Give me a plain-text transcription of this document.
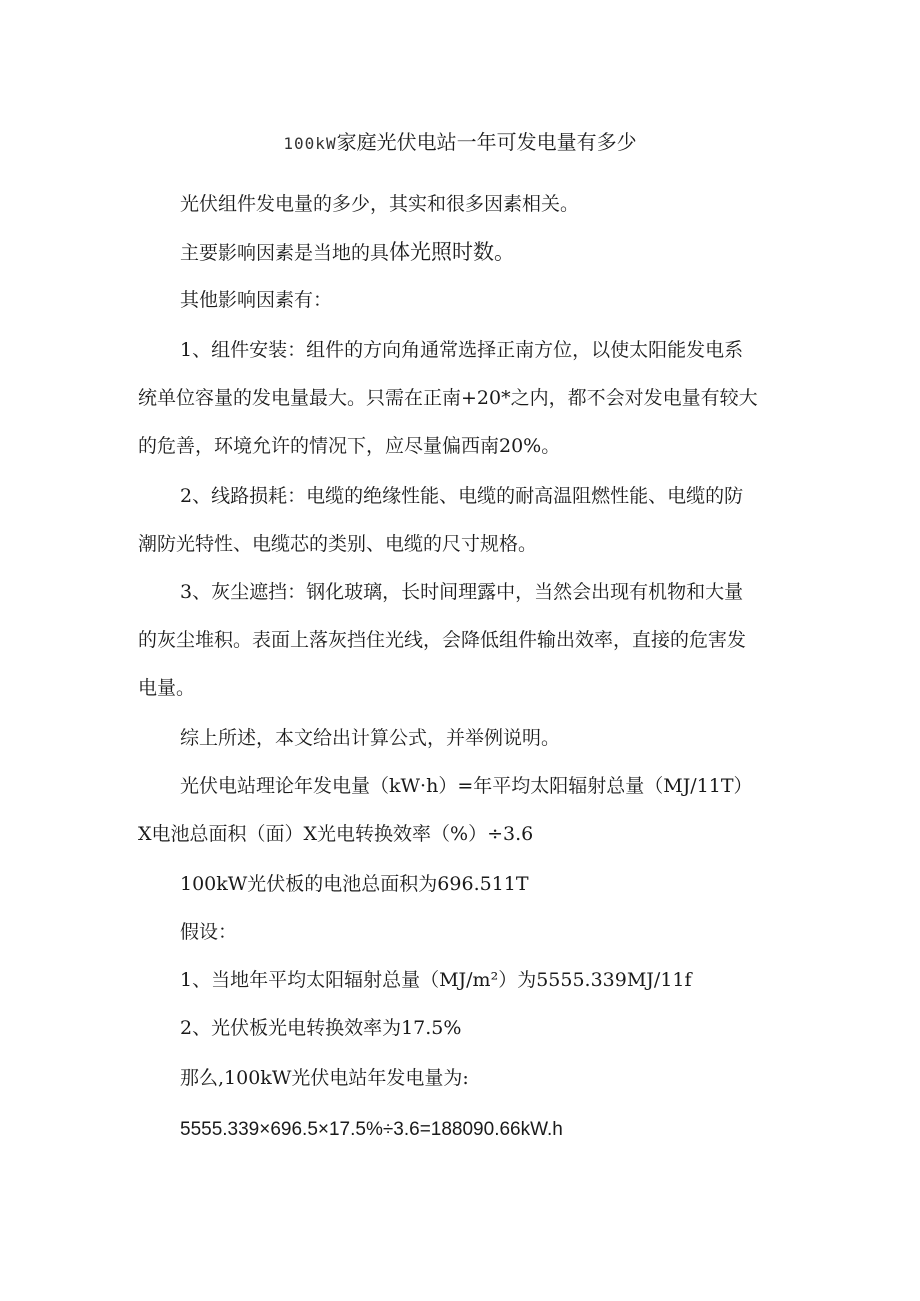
100kW家庭光伏电站一年可发电量有多少
光伏组件发电量的多少，其实和很多因素相关。
主要影响因素是当地的具体光照时数。
其他影响因素有：
1、组件安装：组件的方向角通常选择正南方位，以使太阳能发电系
统单位容量的发电量最大。只需在正南+20*之内，都不会对发电量有较大
的危善，环境允许的情况下，应尽量偏西南20%。
2、线路损耗：电缆的绝缘性能、电缆的耐高温阻燃性能、电缆的防
潮防光特性、电缆芯的类别、电缆的尺寸规格。
3、灰尘遮挡：钢化玻璃，长时间理露中，当然会出现有机物和大量
的灰尘堆积。表面上落灰挡住光线，会降低组件输出效率，直接的危害发
电量。
综上所述，本文给出计算公式，并举例说明。
光伏电站理论年发电量（kW·h）=年平均太阳辐射总量（MJ∕11T）
X电池总面积（面）X光电转换效率（%）÷3.6
100kW光伏板的电池总面积为696.511T
假设：
1、当地年平均太阳辐射总量（MJ∕m²）为5555.339MJ∕11f
2、光伏板光电转换效率为17.5%
那么,100kW光伏电站年发电量为:
5555.339×696.5×17.5%÷3.6=188090.66kW.h
